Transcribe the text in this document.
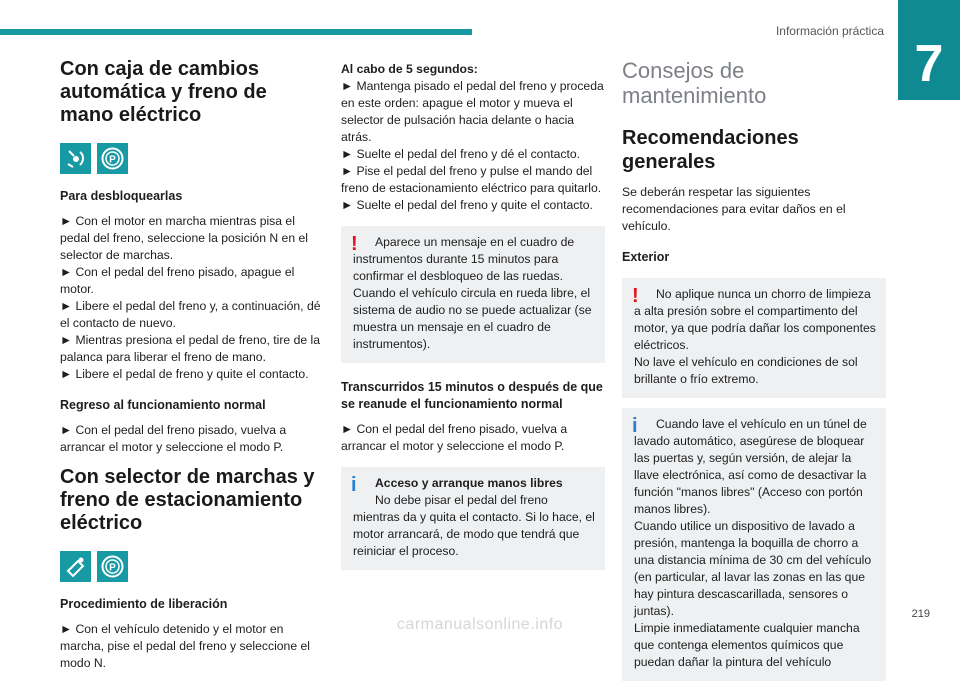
Información práctica
7
Con caja de cambios automática y freno de mano eléctrico
P
Para desbloquearlas

► Con el motor en marcha mientras pisa el pedal del freno, seleccione la posición N en el selector de marchas.

► Con el pedal del freno pisado, apague el motor.

► Libere el pedal del freno y, a continuación, dé el contacto de nuevo.

► Mientras presiona el pedal de freno, tire de la palanca para liberar el freno de mano.

► Libere el pedal de freno y quite el contacto.

Regreso al funcionamiento normal

► Con el pedal del freno pisado, vuelva a arrancar el motor y seleccione el modo P.

Con selector de marchas y freno de estacionamiento eléctrico
P
Procedimiento de liberación

► Con el vehículo detenido y el motor en marcha, pise el pedal del freno y seleccione el modo N.

Al cabo de 5 segundos:

► Mantenga pisado el pedal del freno y proceda en este orden: apague el motor y mueva el selector de pulsación hacia delante o hacia atrás.

► Suelte el pedal del freno y dé el contacto.

► Pise el pedal del freno y pulse el mando del freno de estacionamiento eléctrico para quitarlo.

► Suelte el pedal del freno y quite el contacto.

!	Aparece un mensaje en el cuadro de instrumentos durante 15 minutos para confirmar el desbloqueo de las ruedas.

Cuando el vehículo circula en rueda libre, el sistema de audio no se puede actualizar (se muestra un mensaje en el cuadro de instrumentos).

Transcurridos 15 minutos o después de que se reanude el funcionamiento normal

► Con el pedal del freno pisado, vuelva a arrancar el motor y seleccione el modo P.

i	Acceso y arranque manos libres

No debe pisar el pedal del freno mientras da y quita el contacto. Si lo hace, el motor arrancará, de modo que tendrá que reiniciar el proceso.

Consejos de mantenimiento
Recomendaciones generales

Se deberán respetar las siguientes recomendaciones para evitar daños en el vehículo.

Exterior
!	No aplique nunca un chorro de limpieza a alta presión sobre el compartimento del motor, ya que podría dañar los componentes eléctricos.

No lave el vehículo en condiciones de sol brillante o frío extremo.

i	Cuando lave el vehículo en un túnel de lavado automático, asegúrese de bloquear las puertas y, según versión, de alejar la llave electrónica, así como de desactivar la función "manos libres" (Acceso con portón manos libres).

Cuando utilice un dispositivo de lavado a presión, mantenga la boquilla de chorro a una distancia mínima de 30 cm del vehículo (en particular, al lavar las zonas en las que hay pintura descascarillada, sensores o juntas).

Limpie inmediatamente cualquier mancha que contenga elementos químicos que puedan dañar la pintura del vehículo

219
carmanualsonline.info
